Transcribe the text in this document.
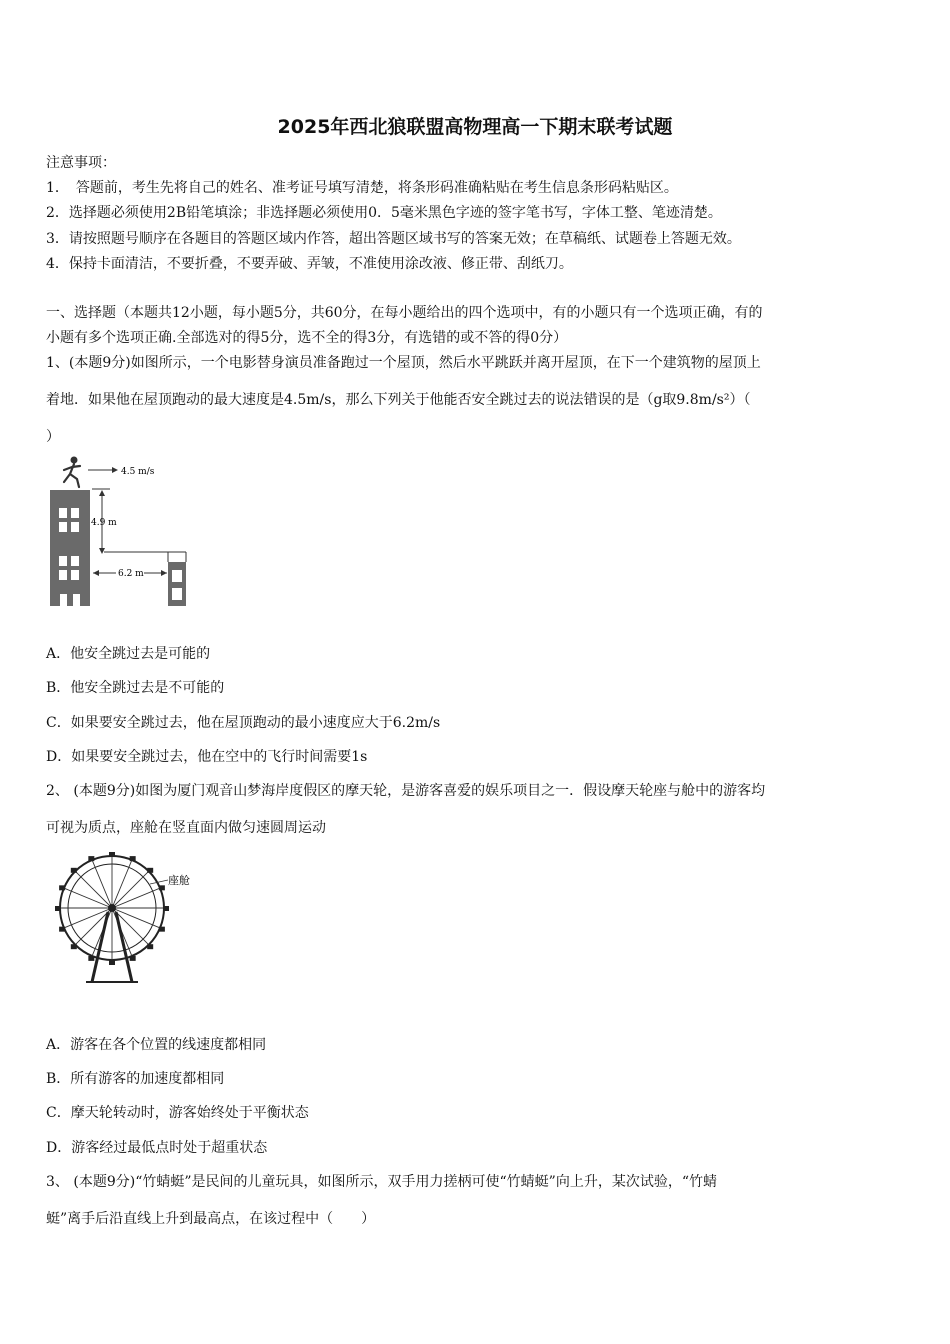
2025年西北狼联盟高物理高一下期末联考试题
注意事项：
1．　答题前，考生先将自己的姓名、准考证号填写清楚，将条形码准确粘贴在考生信息条形码粘贴区。
2．选择题必须使用2B铅笔填涂；非选择题必须使用0．5毫米黑色字迹的签字笔书写，字体工整、笔迹清楚。
3．请按照题号顺序在各题目的答题区域内作答，超出答题区域书写的答案无效；在草稿纸、试题卷上答题无效。
4．保持卡面清洁，不要折叠，不要弄破、弄皱，不准使用涂改液、修正带、刮纸刀。
一、选择题（本题共12小题，每小题5分，共60分，在每小题给出的四个选项中，有的小题只有一个选项正确，有的
小题有多个选项正确.全部选对的得5分，选不全的得3分，有选错的或不答的得0分）
1、(本题9分)如图所示，一个电影替身演员准备跑过一个屋顶，然后水平跳跃并离开屋顶，在下一个建筑物的屋顶上
着地．如果他在屋顶跑动的最大速度是4.5m/s，那么下列关于他能否安全跳过去的说法错误的是（g取9.8m/s²）（
）
4.5 m/s
4.9 m
6.2 m
A．他安全跳过去是可能的
B．他安全跳过去是不可能的
C．如果要安全跳过去，他在屋顶跑动的最小速度应大于6.2m/s
D．如果要安全跳过去，他在空中的飞行时间需要1s
2、 (本题9分)如图为厦门观音山梦海岸度假区的摩天轮，是游客喜爱的娱乐项目之一．假设摩天轮座与舱中的游客均
可视为质点，座舱在竖直面内做匀速圆周运动
座舱
A．游客在各个位置的线速度都相同
B．所有游客的加速度都相同
C．摩天轮转动时，游客始终处于平衡状态
D．游客经过最低点时处于超重状态
3、 (本题9分)“竹蜻蜓”是民间的儿童玩具，如图所示，双手用力搓柄可使“竹蜻蜓”向上升，某次试验，“竹蜻
蜓”离手后沿直线上升到最高点，在该过程中（　　）
